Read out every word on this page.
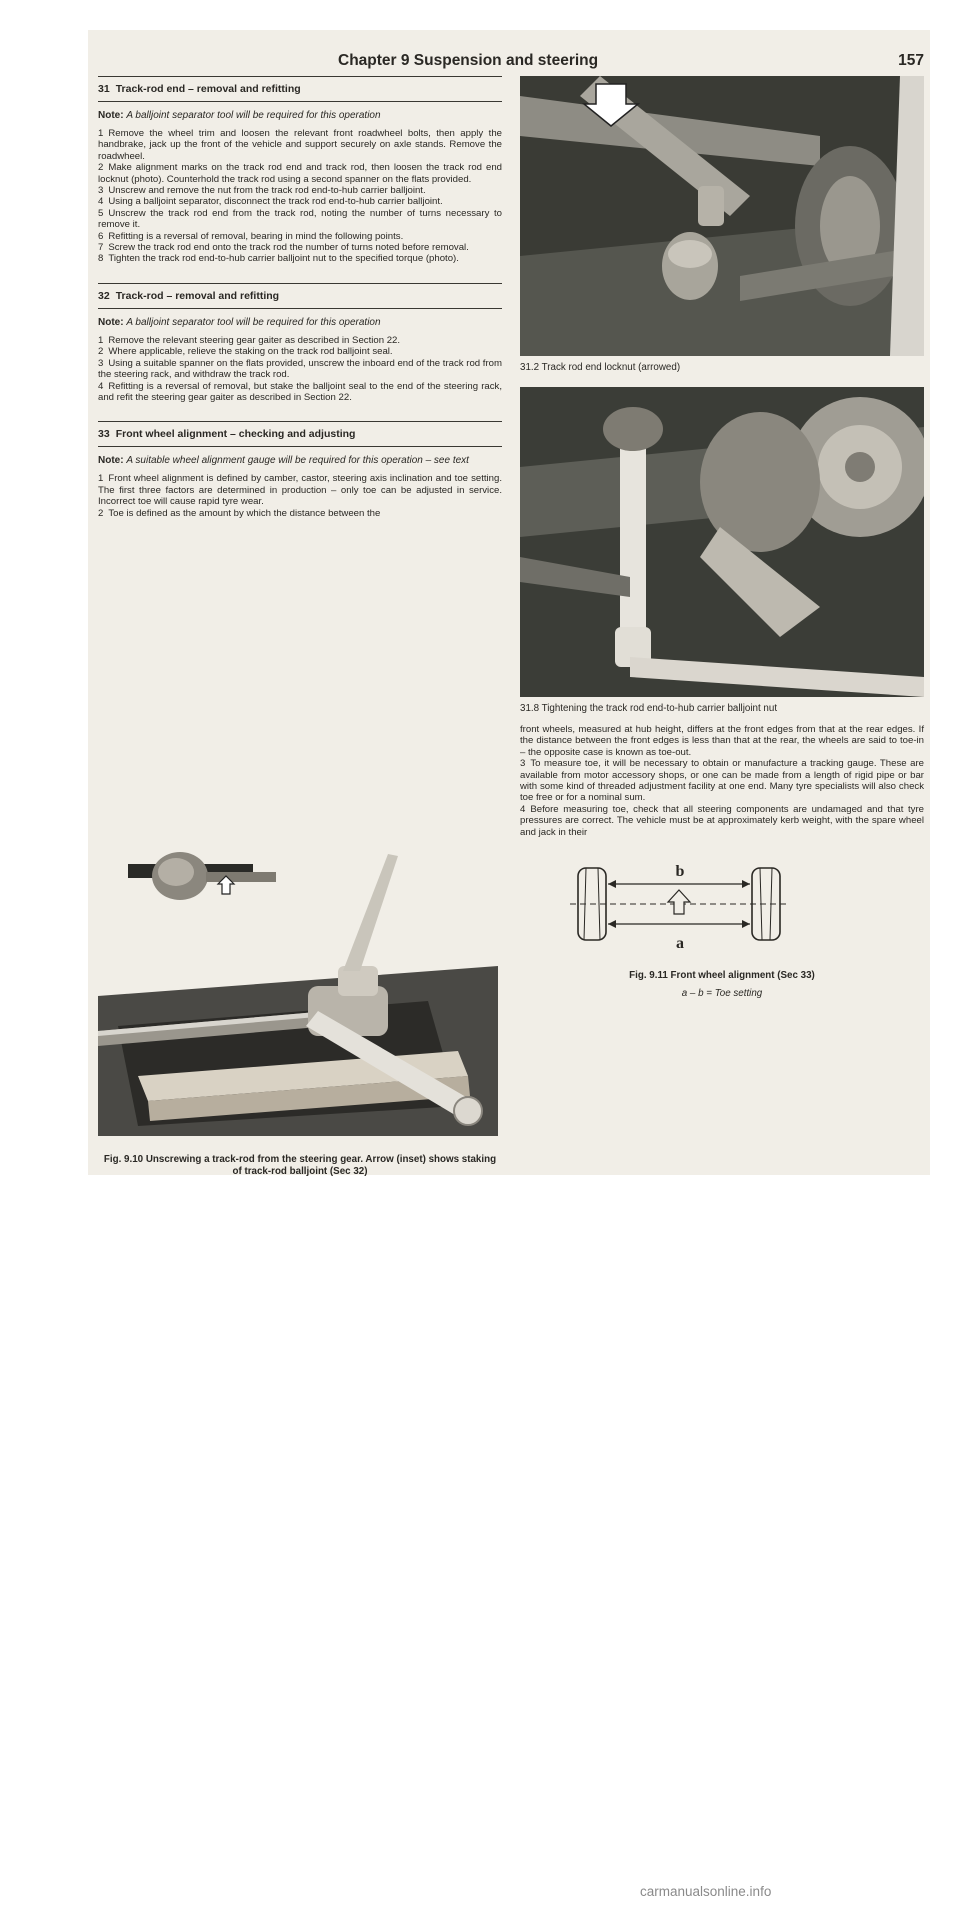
Chapter 9 Suspension and steering	157
31 Track-rod end – removal and refitting

Note: A balljoint separator tool will be required for this operation

1 Remove the wheel trim and loosen the relevant front roadwheel bolts, then apply the handbrake, jack up the front of the vehicle and support securely on axle stands. Remove the roadwheel.

2 Make alignment marks on the track rod end and track rod, then loosen the track rod end locknut (photo). Counterhold the track rod using a second spanner on the flats provided.

3 Unscrew and remove the nut from the track rod end-to-hub carrier balljoint.

4 Using a balljoint separator, disconnect the track rod end-to-hub carrier balljoint.

5 Unscrew the track rod end from the track rod, noting the number of turns necessary to remove it.

6 Refitting is a reversal of removal, bearing in mind the following points.

7 Screw the track rod end onto the track rod the number of turns noted before removal.

8 Tighten the track rod end-to-hub carrier balljoint nut to the specified torque (photo).

32 Track-rod – removal and refitting

Note: A balljoint separator tool will be required for this operation

1 Remove the relevant steering gear gaiter as described in Section 22.

2 Where applicable, relieve the staking on the track rod balljoint seal.

3 Using a suitable spanner on the flats provided, unscrew the inboard end of the track rod from the steering rack, and withdraw the track rod.

4 Refitting is a reversal of removal, but stake the balljoint seal to the end of the steering rack, and refit the steering gear gaiter as described in Section 22.

33 Front wheel alignment – checking and adjusting

Note: A suitable wheel alignment gauge will be required for this operation – see text

1 Front wheel alignment is defined by camber, castor, steering axis inclination and toe setting. The first three factors are determined in production – only toe can be adjusted in service. Incorrect toe will cause rapid tyre wear.

2 Toe is defined as the amount by which the distance between the

Fig. 9.10 Unscrewing a track-rod from the steering gear. Arrow (inset) shows staking of track-rod balljoint (Sec 32)

31.2 Track rod end locknut (arrowed)

31.8 Tightening the track rod end-to-hub carrier balljoint nut

front wheels, measured at hub height, differs at the front edges from that at the rear edges. If the distance between the front edges is less than that at the rear, the wheels are said to toe-in – the opposite case is known as toe-out.

3 To measure toe, it will be necessary to obtain or manufacture a tracking gauge. These are available from motor accessory shops, or one can be made from a length of rigid pipe or bar with some kind of threaded adjustment facility at one end. Many tyre specialists will also check toe free or for a nominal sum.

4 Before measuring toe, check that all steering components are undamaged and that tyre pressures are correct. The vehicle must be at approximately kerb weight, with the spare wheel and jack in their

b
a
Fig. 9.11 Front wheel alignment (Sec 33)
a – b = Toe setting
carmanualsonline.info
